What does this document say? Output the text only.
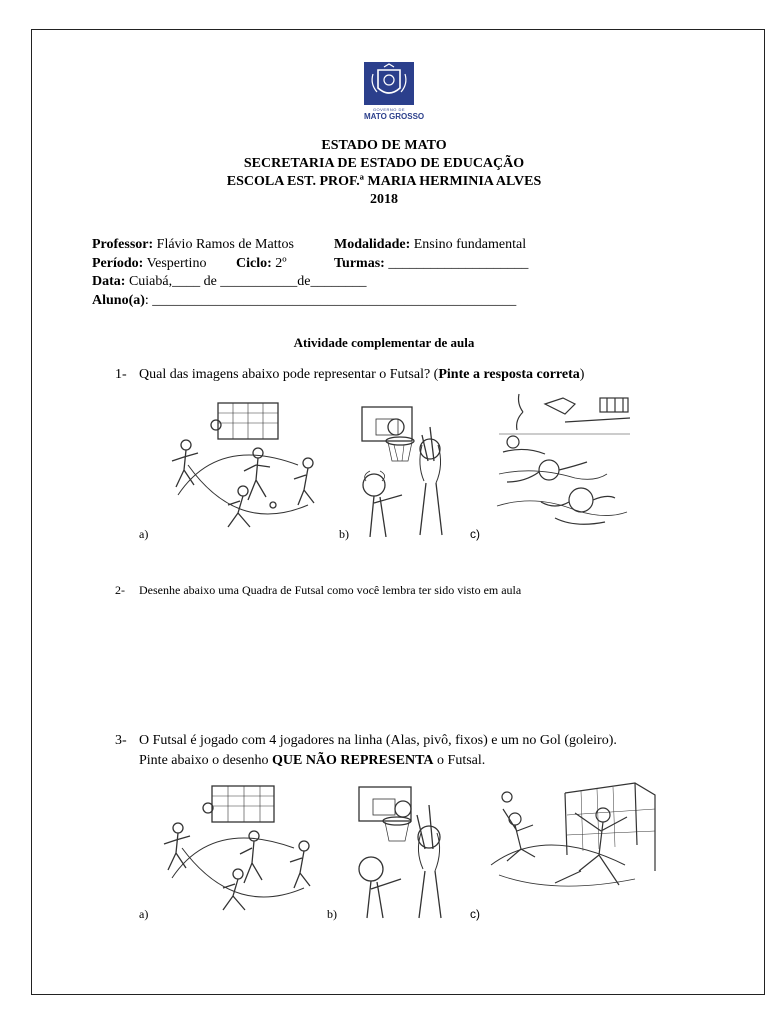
GOVERNO DE
MATO GROSSO
ESTADO DE MATO
SECRETARIA DE ESTADO DE EDUCAÇÃO
ESCOLA EST. PROF.ª MARIA HERMINIA ALVES
2018
Professor: Flávio Ramos de Mattos	Modalidade: Ensino fundamental
Período: Vespertino Ciclo: 2º	Turmas: ____________________
Data: Cuiabá,____ de ___________de________
Aluno(a): ____________________________________________________
Atividade complementar de aula
1- Qual das imagens abaixo pode representar o Futsal? (Pinte a resposta correta)
a)	b)	c)
2- Desenhe abaixo uma Quadra de Futsal como você lembra ter sido visto em aula
3- O Futsal é jogado com 4 jogadores na linha (Alas, pivô, fixos) e um no Gol (goleiro).
Pinte abaixo o desenho QUE NÃO REPRESENTA o Futsal.
a)	b)	c)
